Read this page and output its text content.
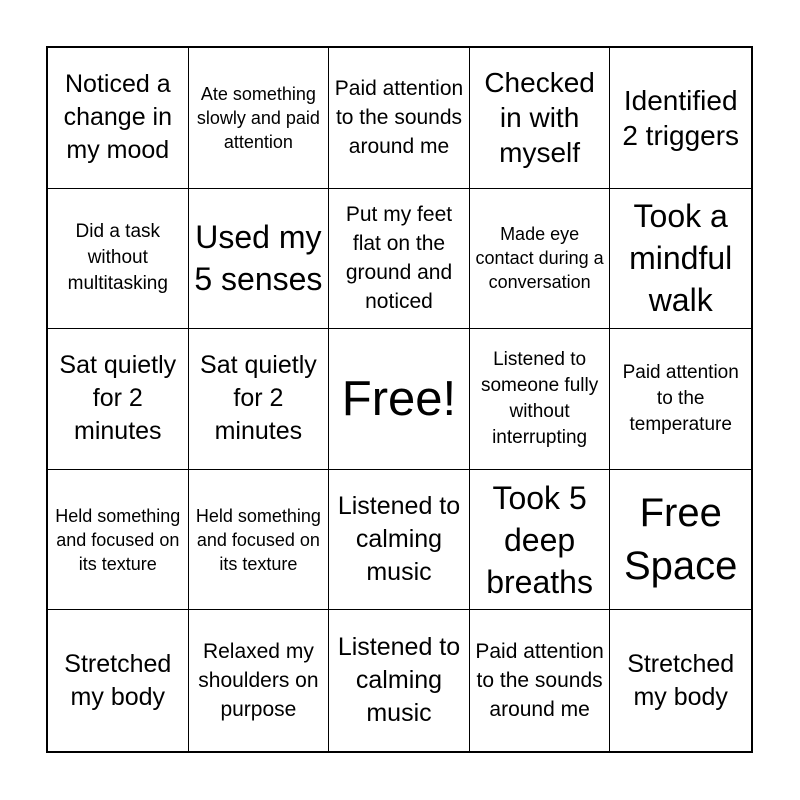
Noticed a change in my mood
Ate something slowly and paid attention
Paid attention to the sounds around me
Checked in with myself
Identified 2 triggers
Did a task without multitasking
Used my 5 senses
Put my feet flat on the ground and noticed
Made eye contact during a conversation
Took a mindful walk
Sat quietly for 2 minutes
Sat quietly for 2 minutes
Free!
Listened to someone fully without interrupting
Paid attention to the temperature
Held something and focused on its texture
Held something and focused on its texture
Listened to calming music
Took 5 deep breaths
Free Space
Stretched my body
Relaxed my shoulders on purpose
Listened to calming music
Paid attention to the sounds around me
Stretched my body
